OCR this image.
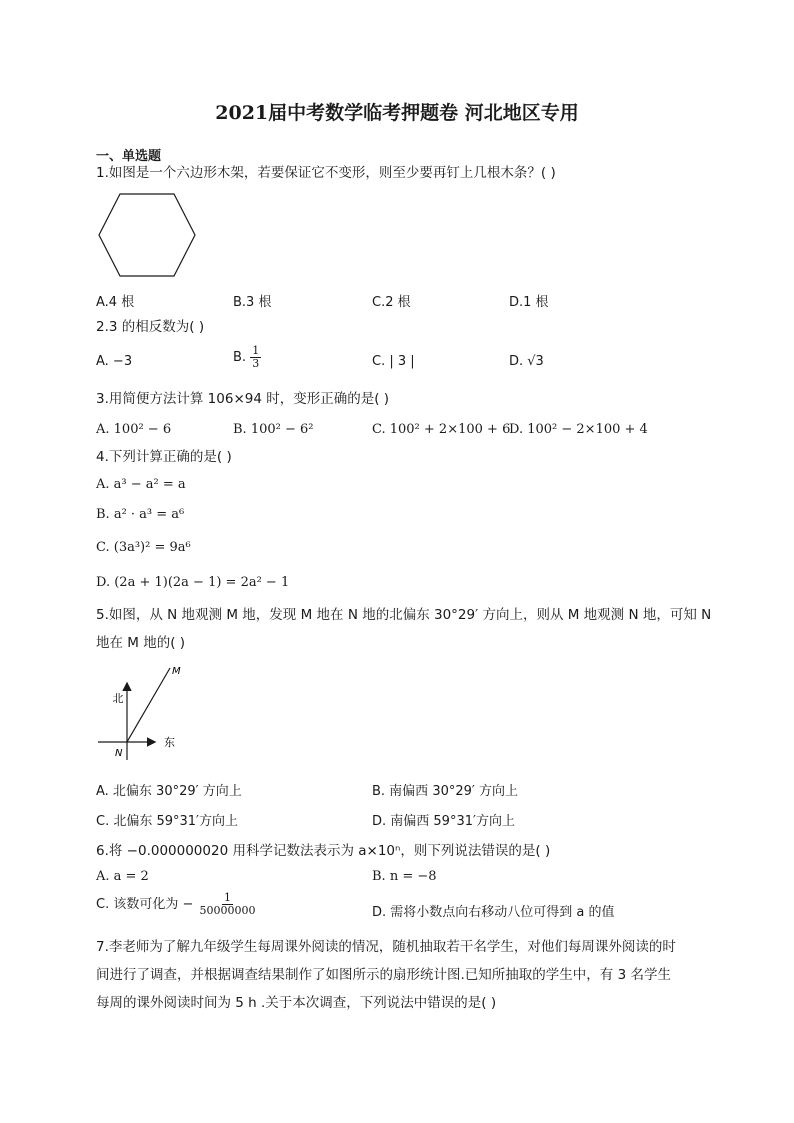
2021届中考数学临考押题卷 河北地区专用
一、单选题
1.如图是一个六边形木架，若要保证它不变形，则至少要再钉上几根木条？( )
A.4 根	B.3 根	C.2 根	D.1 根
2.3 的相反数为( )
A. −3	B. $\frac{1}{3}$	C. | 3 |	D. √3
3.用简便方法计算 106×94 时，变形正确的是( )
A. 100² − 6	B. 100² − 6²	C. 100² + 2×100 + 6
D. 100² − 2×100 + 4
4.下列计算正确的是( )
A. a³ − a² = a
B. a² · a³ = a⁶
C. (3a³)² = 9a⁶
D. (2a + 1)(2a − 1) = 2a² − 1
5.如图，从 N 地观测 M 地，发现 M 地在 N 地的北偏东 30°29′ 方向上，则从 M 地观测 N 地，可知 N
地在 M 地的( )
北
东
M
N
A. 北偏东 30°29′ 方向上	B. 南偏西 30°29′ 方向上
C. 北偏东 59°31′方向上	D. 南偏西 59°31′方向上
6.将 −0.000000020 用科学记数法表示为 a×10ⁿ，则下列说法错误的是( )
A. a = 2	B. n = −8
C. 该数可化为 − $\frac{1}{50000000}$	D. 需将小数点向右移动八位可得到 a 的值
7.李老师为了解九年级学生每周课外阅读的情况，随机抽取若干名学生，对他们每周课外阅读的时
间进行了调查，并根据调查结果制作了如图所示的扇形统计图.已知所抽取的学生中，有 3 名学生
每周的课外阅读时间为 5 h .关于本次调查，下列说法中错误的是( )
